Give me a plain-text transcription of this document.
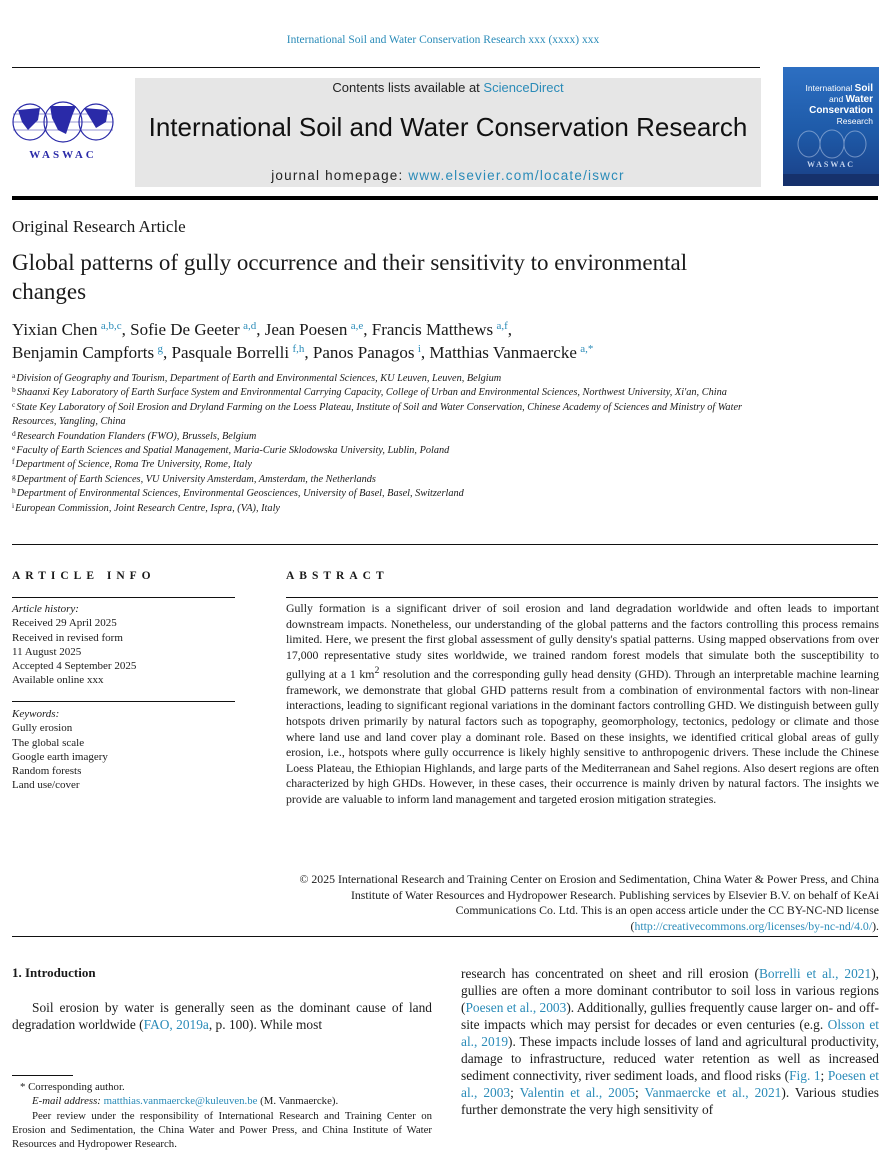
International Soil and Water Conservation Research xxx (xxxx) xxx
WASWAC
Contents lists available at ScienceDirect
International Soil and Water Conservation Research
journal homepage: www.elsevier.com/locate/iswcr
International Soil
and Water
Conservation
Research
WASWAC
Original Research Article
Global patterns of gully occurrence and their sensitivity to environmental changes
Yixian Chen $^{a,b,c}$, Sofie De Geeter $^{a,d}$, Jean Poesen $^{a,e}$, Francis Matthews $^{a,f}$,
Benjamin Campforts $^g$, Pasquale Borrelli $^{f,h}$, Panos Panagos $^i$, Matthias Vanmaercke $^{a,*}$
$^a$Division of Geography and Tourism, Department of Earth and Environmental Sciences, KU Leuven, Leuven, Belgium
$^b$Shaanxi Key Laboratory of Earth Surface System and Environmental Carrying Capacity, College of Urban and Environmental Sciences, Northwest University, Xi'an, China
$^c$State Key Laboratory of Soil Erosion and Dryland Farming on the Loess Plateau, Institute of Soil and Water Conservation, Chinese Academy of Sciences and Ministry of Water Resources, Yangling, China
$^d$Research Foundation Flanders (FWO), Brussels, Belgium
$^e$Faculty of Earth Sciences and Spatial Management, Maria-Curie Sklodowska University, Lublin, Poland
$^f$Department of Science, Roma Tre University, Rome, Italy
$^g$Department of Earth Sciences, VU University Amsterdam, Amsterdam, the Netherlands
$^h$Department of Environmental Sciences, Environmental Geosciences, University of Basel, Basel, Switzerland
$^i$European Commission, Joint Research Centre, Ispra, (VA), Italy
ARTICLE INFO	ABSTRACT
Article history:
Received 29 April 2025
Received in revised form
11 August 2025
Accepted 4 September 2025
Available online xxx
Keywords:
Gully erosion
The global scale
Google earth imagery
Random forests
Land use/cover
Gully formation is a significant driver of soil erosion and land degradation worldwide and often leads to important downstream impacts. Nonetheless, our understanding of the global patterns and the factors controlling this process remains limited. Here, we present the first global assessment of gully density's spatial patterns. Using mapped observations from over 17,000 representative study sites worldwide, we trained random forest models that simulate both the susceptibility to gullying at a 1 $km^2$ resolution and the corresponding gully head density (GHD). Through an interpretable machine learning framework, we demonstrate that global GHD patterns result from a combination of environmental factors with non-linear interactions, leading to significant regional variations in the dominant factors controlling GHD. We distinguish between gully hotspots driven primarily by natural factors such as topography, geomorphology, tectonics, pedology or climate and those where land use and land cover play a dominant role. Based on these insights, we identified critical global areas of gully erosion, i.e., hotspots where gully occurrence is likely highly sensitive to anthropogenic drivers. These include the Chinese Loess Plateau, the Ethiopian Highlands, and large parts of the Mediterranean and Sahel regions. Also desert regions are often characterized by high GHDs. However, in these cases, their occurrence is mainly driven by natural factors. The insights we provide are valuable to inform land management and targeted erosion mitigation strategies.
© 2025 International Research and Training Center on Erosion and Sedimentation, China Water & Power Press, and China Institute of Water Resources and Hydropower Research. Publishing services by Elsevier B.V. on behalf of KeAi Communications Co. Ltd. This is an open access article under the CC BY-NC-ND license (http://creativecommons.org/licenses/by-nc-nd/4.0/).
1. Introduction
Soil erosion by water is generally seen as the dominant cause of land degradation worldwide (FAO, 2019a, p. 100). While most
research has concentrated on sheet and rill erosion (Borrelli et al., 2021), gullies are often a more dominant contributor to soil loss in various regions (Poesen et al., 2003). Additionally, gullies frequently cause larger on- and off-site impacts which may persist for decades or even centuries (e.g. Olsson et al., 2019). These impacts include losses of land and agricultural productivity, damage to infrastructure, reduced water retention as well as increased sediment connectivity, river sediment loads, and flood risks (Fig. 1; Poesen et al., 2003; Valentin et al., 2005; Vanmaercke et al., 2021). Various studies further demonstrate the very high sensitivity of
* Corresponding author.
E-mail address: matthias.vanmaercke@kuleuven.be (M. Vanmaercke).
Peer review under the responsibility of International Research and Training Center on Erosion and Sedimentation, the China Water and Power Press, and China Institute of Water Resources and Hydropower Research.
